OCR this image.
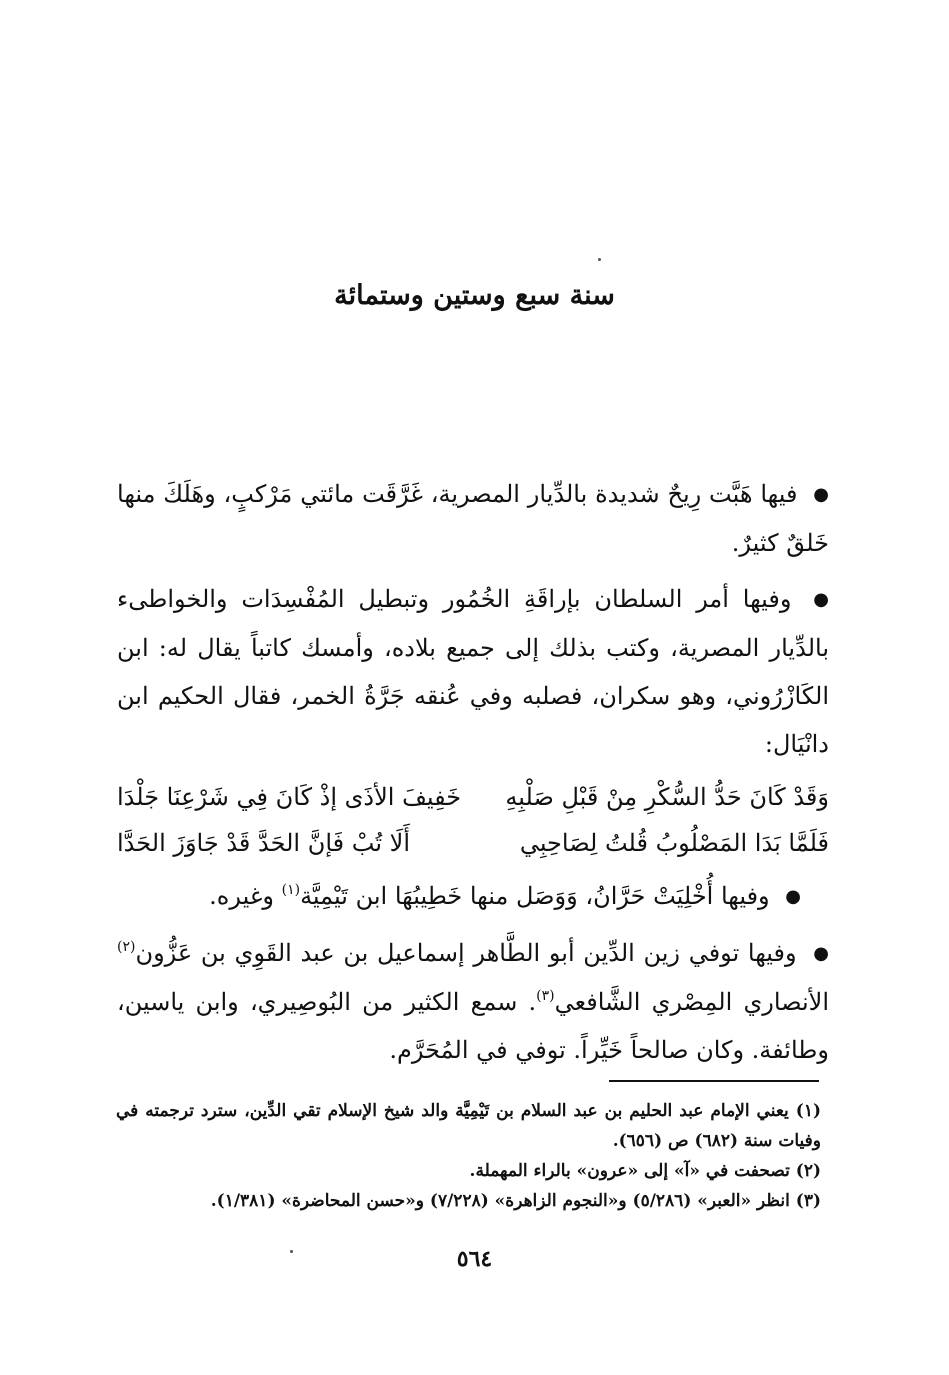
سنة سبع وستين وستمائة

● فيها هَبَّت رِيحٌ شديدة بالدِّيار المصرية، غَرَّقَت مائتي مَرْكبٍ، وهَلَكَ منها خَلقٌ كثيرٌ.

● وفيها أمر السلطان بإراقَةِ الخُمُور وتبطيل المُفْسِدَات والخواطىء بالدِّيار المصرية، وكتب بذلك إلى جميع بلاده، وأمسك كاتباً يقال له: ابن الكَازْرُوني، وهو سكران، فصلبه وفي عُنقه جَرَّةُ الخمر، فقال الحكيم ابن دانْيَال:

وَقَدْ كَانَ حَدُّ السُّكْرِ مِنْ قَبْلِ صَلْبِهِ
خَفِيفَ الأذَى إذْ كَانَ فِي شَرْعِنَا جَلْدَا
فَلَمَّا بَدَا المَصْلُوبُ قُلتُ لِصَاحِبِي
أَلَا تُبْ فَإنَّ الحَدَّ قَدْ جَاوَزَ الحَدَّا

● وفيها أُخْلِيَتْ حَرَّانُ، وَوَصَل منها خَطِيبُهَا ابن تَيْمِيَّة$^{(١)}$ وغيره.

● وفيها توفي زين الدِّين أبو الطَّاهر إسماعيل بن عبد القَوِي بن عَزُّون$^{(٢)}$ الأنصاري المِصْري الشَّافعي$^{(٣)}$. سمع الكثير من البُوصِيري، وابن ياسين، وطائفة. وكان صالحاً خَيِّراً. توفي في المُحَرَّم.

(١) يعني الإمام عبد الحليم بن عبد السلام بن تَيْمِيَّة والد شيخ الإسلام تقي الدِّين، سترد ترجمته في وفيات سنة (٦٨٢) ص (٦٥٦).

(٢) تصحفت في «آ» إلى «عرون» بالراء المهملة.

(٣) انظر «العبر» (٥/٢٨٦) و«النجوم الزاهرة» (٧/٢٢٨) و«حسن المحاضرة» (١/٣٨١).

٥٦٤
